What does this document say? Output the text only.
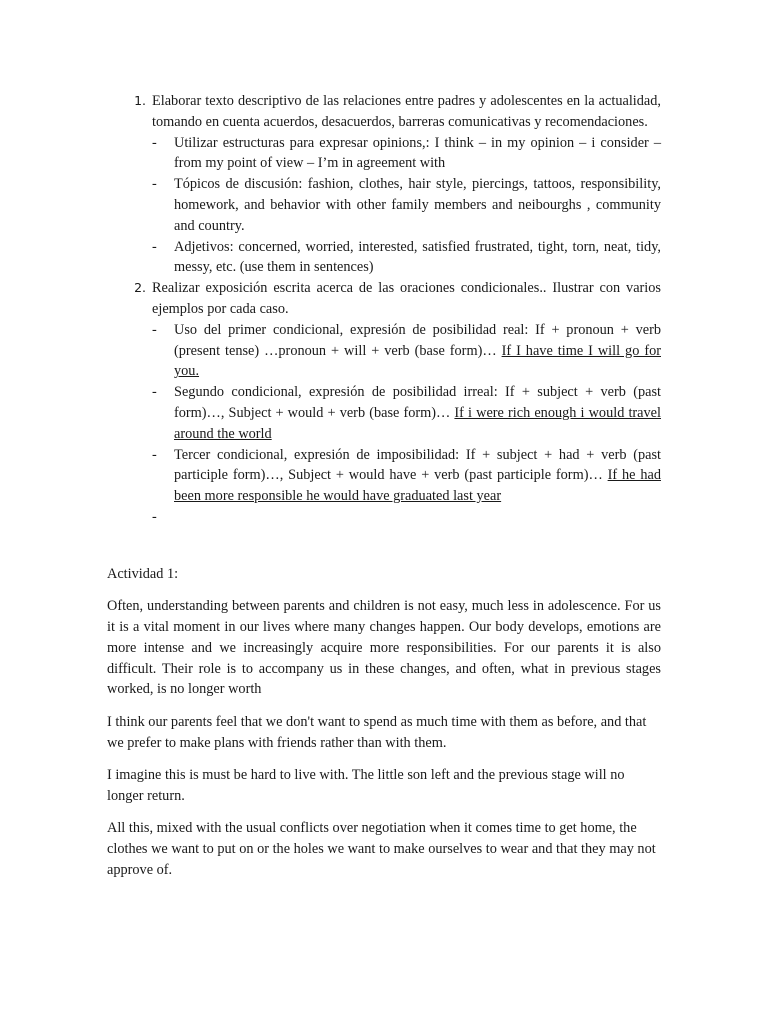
1. Elaborar texto descriptivo de las relaciones entre padres y adolescentes en la actualidad, tomando en cuenta acuerdos, desacuerdos, barreras comunicativas y recomendaciones.
- Utilizar estructuras para expresar opinions,: I think – in my opinion – i consider – from my point of view – I’m in agreement with
- Tópicos de discusión: fashion, clothes, hair style, piercings, tattoos, responsibility, homework, and behavior with other family members and neibourghs , community and country.
- Adjetivos: concerned, worried, interested, satisfied frustrated, tight, torn, neat, tidy, messy, etc. (use them in sentences)
2. Realizar exposición escrita acerca de las oraciones condicionales.. Ilustrar con varios ejemplos por cada caso.
- Uso del primer condicional, expresión de posibilidad real: If + pronoun + verb (present tense) …pronoun + will + verb (base form)… If I have time I will go for you.
- Segundo condicional, expresión de posibilidad irreal: If + subject + verb (past form)…, Subject + would + verb (base form)… If i were rich enough i would travel around the world
- Tercer condicional, expresión de imposibilidad: If + subject + had + verb (past participle form)…, Subject + would have + verb (past participle form)… If he had been more responsible he would have graduated last year
-

Actividad 1:

Often, understanding between parents and children is not easy, much less in adolescence. For us it is a vital moment in our lives where many changes happen. Our body develops, emotions are more intense and we increasingly acquire more responsibilities. For our parents it is also difficult. Their role is to accompany us in these changes, and often, what in previous stages worked, is no longer worth

I think our parents feel that we don't want to spend as much time with them as before, and that we prefer to make plans with friends rather than with them.

I imagine this is must be hard to live with. The little son left and the previous stage will no longer return.

All this, mixed with the usual conflicts over negotiation when it comes time to get home, the clothes we want to put on or the holes we want to make ourselves to wear and that they may not approve of.
